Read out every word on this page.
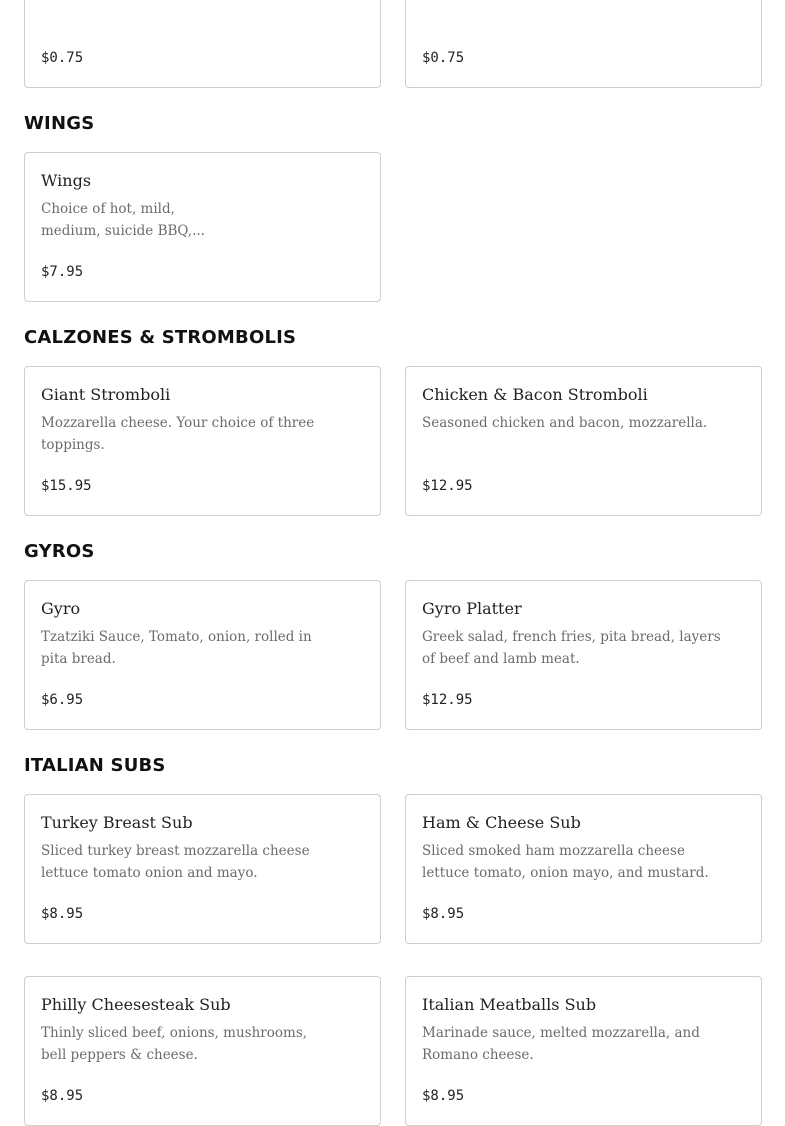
$0.75	$0.75
WINGS
Wings
Choice of hot, mild, medium, suicide BBQ,...
$7.95
CALZONES & STROMBOLIS
Giant Stromboli
Mozzarella cheese. Your choice of three toppings.
$15.95
Chicken & Bacon Stromboli
Seasoned chicken and bacon, mozzarella.
$12.95
GYROS
Gyro
Tzatziki Sauce, Tomato, onion, rolled in pita bread.
$6.95
Gyro Platter
Greek salad, french fries, pita bread, layers of beef and lamb meat.
$12.95
ITALIAN SUBS
Turkey Breast Sub
Sliced turkey breast mozzarella cheese lettuce tomato onion and mayo.
$8.95
Ham & Cheese Sub
Sliced smoked ham mozzarella cheese lettuce tomato, onion mayo, and mustard.
$8.95
Philly Cheesesteak Sub
Thinly sliced beef, onions, mushrooms, bell peppers & cheese.
$8.95
Italian Meatballs Sub
Marinade sauce, melted mozzarella, and Romano cheese.
$8.95
